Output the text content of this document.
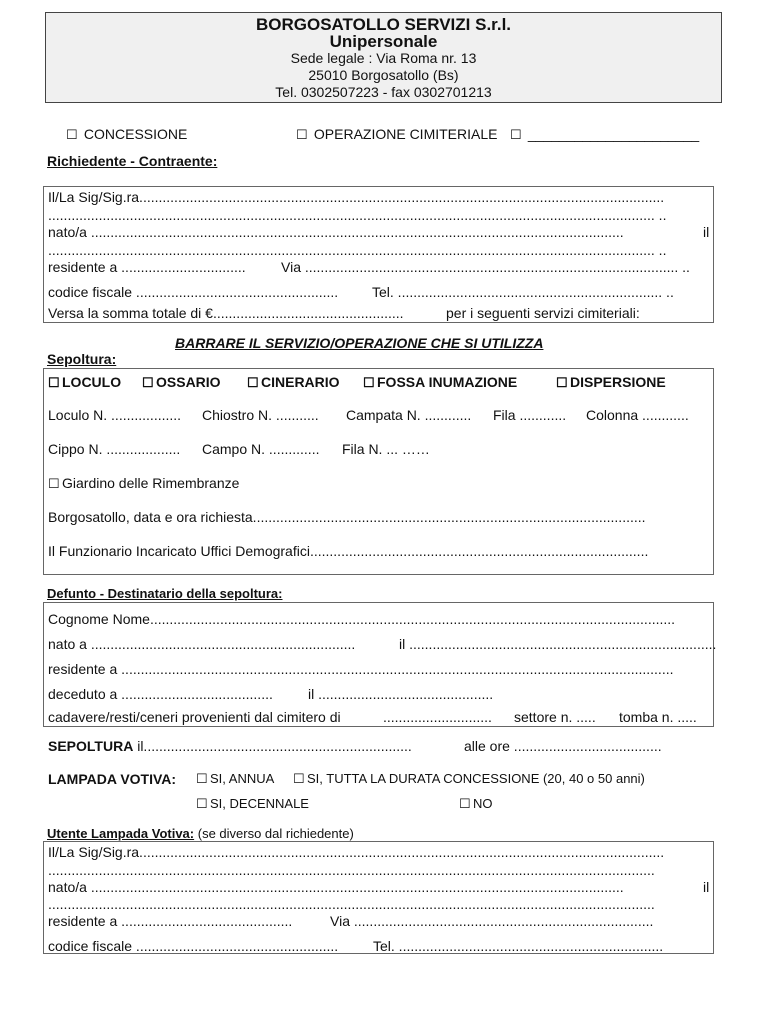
BORGOSATOLLO SERVIZI S.r.l.
Unipersonale
Sede legale : Via Roma nr. 13
25010 Borgosatollo (Bs)
Tel. 0302507223 - fax 0302701213
☐ CONCESSIONE	☐ OPERAZIONE CIMITERIALE ☐ ______________________
Richiedente - Contraente:
Il/La Sig/Sig.ra.......................................................................................................................................
............................................................................................................................................................ ..
nato/a .........................................................................................................................................	il
............................................................................................................................................................ ..
residente a ................................	Via ................................................................................................ ..
codice fiscale .................................................... Tel. .................................................................... ..
Versa la somma totale di €.................................................	per i seguenti servizi cimiteriali:
BARRARE IL SERVIZIO/OPERAZIONE CHE SI UTILIZZA
Sepoltura:
☐ LOCULO ☐ OSSARIO ☐ CINERARIO ☐ FOSSA INUMAZIONE	☐ DISPERSIONE
Loculo N. .................. Chiostro N. ........... Campata N. ............ Fila ............ Colonna ............
Cippo N. ................... Campo N. ............. Fila N. ... ……
☐ Giardino delle Rimembranze
Borgosatollo, data e ora richiesta.....................................................................................................
Il Funzionario Incaricato Uffici Demografici.......................................................................................
Defunto - Destinatario della sepoltura:
Cognome Nome.......................................................................................................................................
nato a ....................................................................	il ...............................................................................
residente a ..............................................................................................................................................
deceduto a .......................................	il .............................................
cadavere/resti/ceneri provenienti dal cimitero di	............................ settore n. ..... tomba n. .....
SEPOLTURA il.....................................................................	alle ore ......................................
LAMPADA VOTIVA: ☐ SI, ANNUA ☐ SI, TUTTA LA DURATA CONCESSIONE (20, 40 o 50 anni)
☐ SI, DECENNALE	☐ NO
Utente Lampada Votiva: (se diverso dal richiedente)
Il/La Sig/Sig.ra.......................................................................................................................................
............................................................................................................................................................
nato/a .........................................................................................................................................	il
............................................................................................................................................................
residente a ............................................	Via .............................................................................
codice fiscale .................................................... Tel. ....................................................................
